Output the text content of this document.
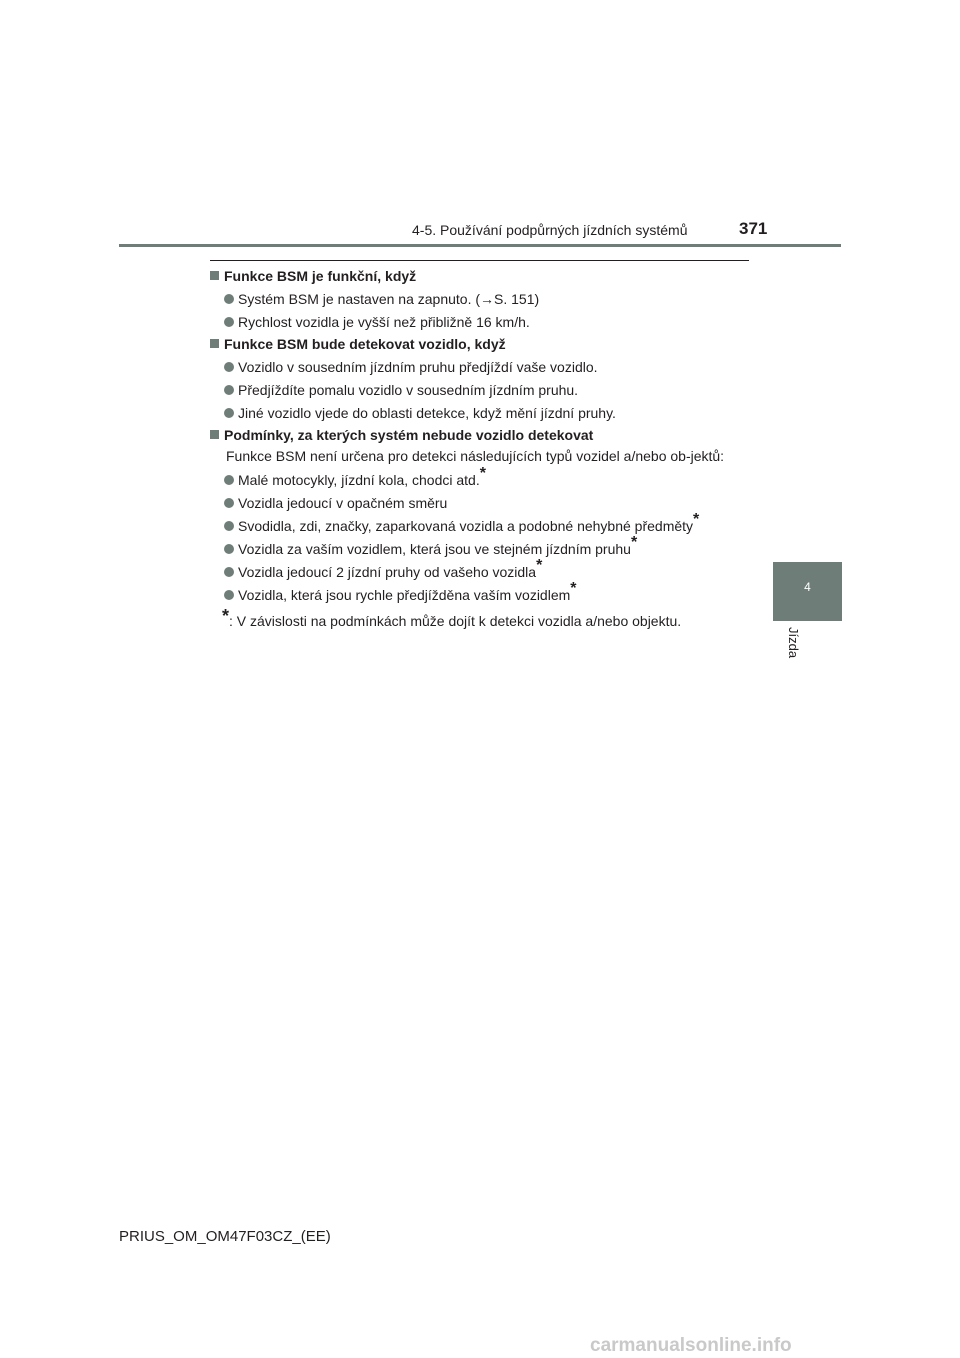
4-5. Používání podpůrných jízdních systémů	371
4
Jízda
Funkce BSM je funkční, když
Systém BSM je nastaven na zapnuto. (→S. 151)
Rychlost vozidla je vyšší než přibližně 16 km/h.
Funkce BSM bude detekovat vozidlo, když
Vozidlo v sousedním jízdním pruhu předjíždí vaše vozidlo.
Předjíždíte pomalu vozidlo v sousedním jízdním pruhu.
Jiné vozidlo vjede do oblasti detekce, když mění jízdní pruhy.
Podmínky, za kterých systém nebude vozidlo detekovat
Funkce BSM není určena pro detekci následujících typů vozidel a/nebo ob-jektů:
Malé motocykly, jízdní kola, chodci atd.*
Vozidla jedoucí v opačném směru
Svodidla, zdi, značky, zaparkovaná vozidla a podobné nehybné předměty*
Vozidla za vaším vozidlem, která jsou ve stejném jízdním pruhu*
Vozidla jedoucí 2 jízdní pruhy od vašeho vozidla*
Vozidla, která jsou rychle předjížděna vaším vozidlem*
*: V závislosti na podmínkách může dojít k detekci vozidla a/nebo objektu.
PRIUS_OM_OM47F03CZ_(EE)
carmanualsonline.info
